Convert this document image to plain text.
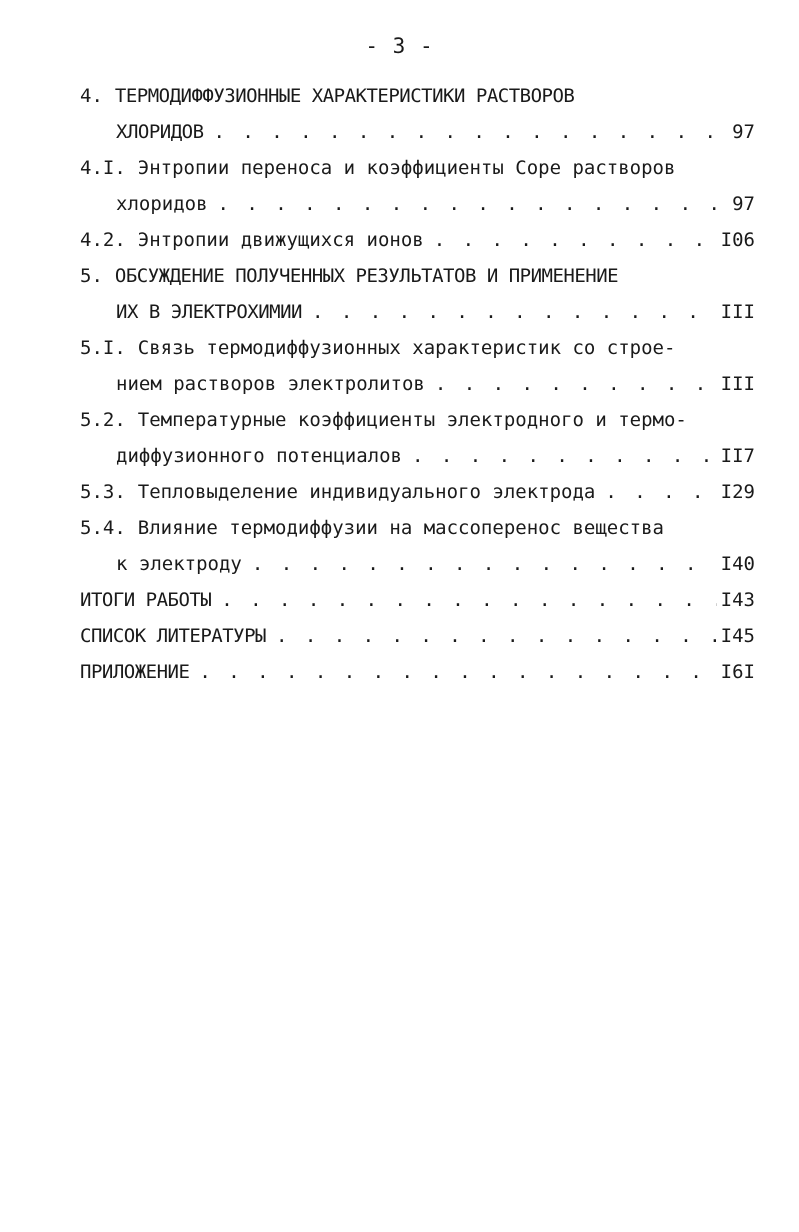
- 3 -
4. ТЕРМОДИФФУЗИОННЫЕ ХАРАКТЕРИСТИКИ РАСТВОРОВ
ХЛОРИДОВ . . .	97
4.I. Энтропии переноса и коэффициенты Соре растворов
хлоридов . . .	97
4.2. Энтропии движущихся ионов . . .	I06
5. ОБСУЖДЕНИЕ ПОЛУЧЕННЫХ РЕЗУЛЬТАТОВ И ПРИМЕНЕНИЕ
ИХ В ЭЛЕКТРОХИМИИ . . .	III
5.I. Связь термодиффузионных характеристик со строе-
нием растворов электролитов . . .	III
5.2. Температурные коэффициенты электродного и термо-
диффузионного потенциалов . . .	II7
5.3. Тепловыделение индивидуального электрода . . .	I29
5.4. Влияние термодиффузии на массоперенос вещества
к электроду . . .	I40
ИТОГИ РАБОТЫ . . .	I43
СПИСОК ЛИТЕРАТУРЫ . . .	I45
ПРИЛОЖЕНИЕ . . .	I6I
